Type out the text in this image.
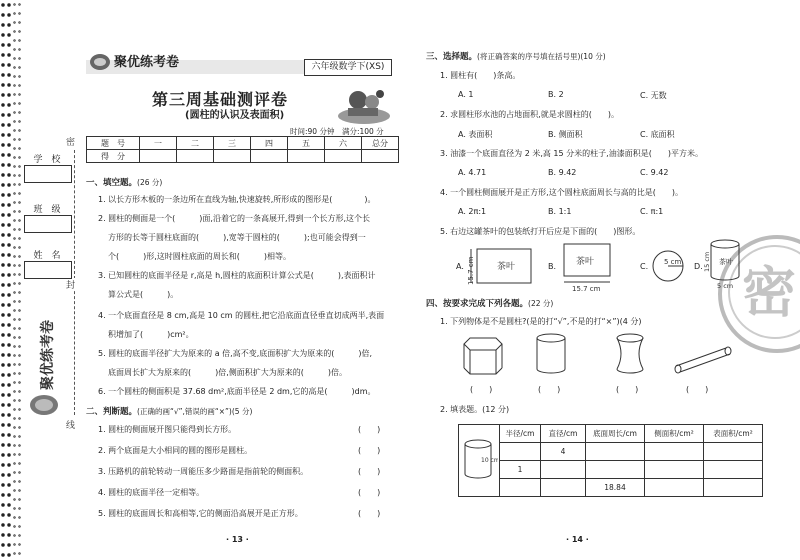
密
封
线
学　校
班　级
姓　名
聚优练考卷
聚优练考卷	六年级数学下(XS)
第三周基础测评卷
(圆柱的认识及表面积)
时间:90 分钟　满分:100 分
题　号	一	二	三	四	五	六	总分
得　分							
一、填空题。(26 分)
1. 以长方形木板的一条边所在直线为轴,快速旋转,所形成的图形是(　　　　)。
2. 圆柱的侧面是一个(　　　)面,沿着它的一条高展开,得到一个长方形,这个长
方形的长等于圆柱底面的(　　　),宽等于圆柱的(　　　);也可能会得到一
个(　　　)形,这时圆柱底面的周长和(　　　)相等。
3. 已知圆柱的底面半径是 r,高是 h,圆柱的底面积计算公式是(　　　),表面积计
算公式是(　　　)。
4. 一个底面直径是 8 cm,高是 10 cm 的圆柱,把它沿底面直径垂直切成两半,表面
积增加了(　　　)cm²。
5. 圆柱的底面半径扩大为原来的 a 倍,高不变,底面积扩大为原来的(　　　)倍,
底面周长扩大为原来的(　　　)倍,侧面积扩大为原来的(　　　)倍。
6. 一个圆柱的侧面积是 37.68 dm²,底面半径是 2 dm,它的高是(　　　)dm。
二、判断题。(正确的画“√”,错误的画“×”)(5 分)
1. 圆柱的侧面展开图只能得到长方形。
2. 两个底面是大小相同的圆的图形是圆柱。
3. 压路机的前轮转动一周能压多少路面是指前轮的侧面积。
4. 圆柱的底面半径一定相等。
5. 圆柱的底面周长和高相等,它的侧面沿高展开是正方形。
(　　)
(　　)
(　　)
(　　)
(　　)
· 13 ·
密
三、选择题。(将正确答案的序号填在括号里)(10 分)
1. 圆柱有(　　)条高。
A. 1	B. 2	C. 无数
2. 求圆柱形水池的占地面积,就是求圆柱的(　　)。
A. 表面积	B. 侧面积	C. 底面积
3. 油漆一个底面直径为 2 米,高 15 分米的柱子,油漆面积是(　　)平方米。
A. 4.71	B. 9.42	C. 9.42
4. 一个圆柱侧面展开是正方形,这个圆柱底面周长与高的比是(　　)。
A. 2π:1	B. 1:1	C. π:1
5. 右边这罐茶叶的包装纸打开后应是下面的(　　)图形。
A. 15.7 cm 茶叶	B.
15.7 cm
茶叶	C. 5 cm D. 15 cm 茶叶
5 cm
四、按要求完成下列各题。(22 分)
1. 下列物体是不是圆柱?(是的打“√”,不是的打“×”)(4 分)
(　　)	(　　)	(　　)	(　　)
2. 填表题。(12 分)
10 cm	半径/cm	直径/cm	底面周长/cm	侧面积/cm²	表面积/cm²
		4			
	1				
			18.84		
· 14 ·
